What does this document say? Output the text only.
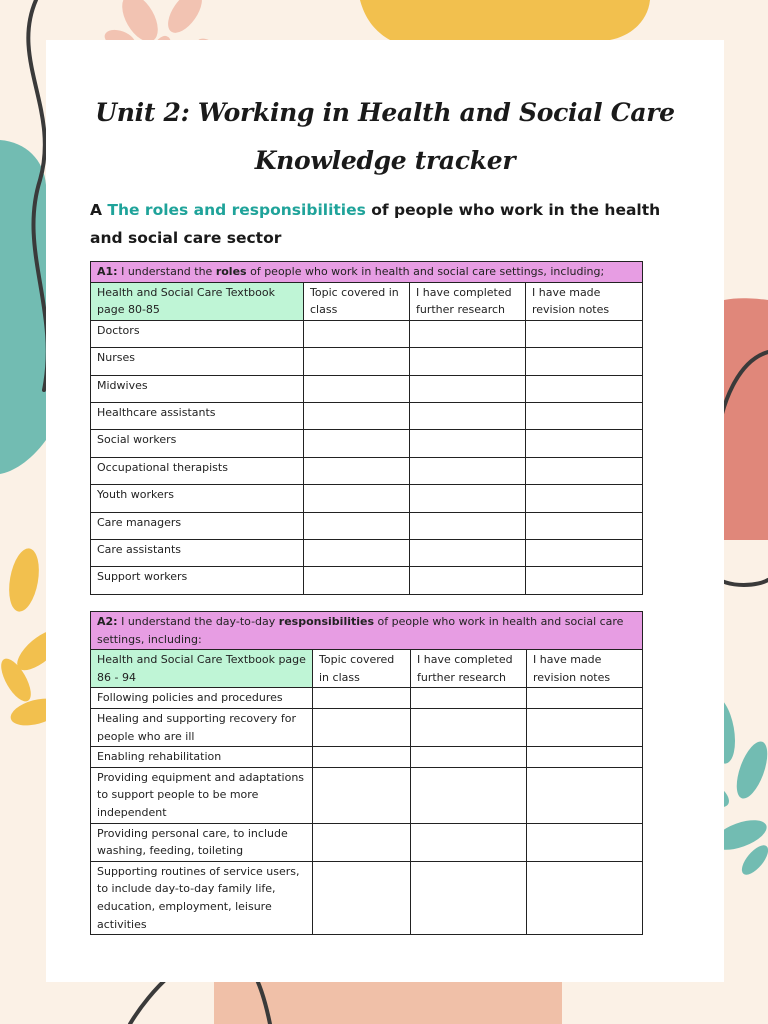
Unit 2: Working in Health and Social Care
Knowledge tracker

A The roles and responsibilities of people who work in the health and social care sector

A1: I understand the roles of people who work in health and social care settings, including;			
Health and Social Care Textbook page 80-85	Topic covered in class	I have completed further research	I have made revision notes
Doctors			
Nurses			
Midwives			
Healthcare assistants			
Social workers			
Occupational therapists			
Youth workers			
Care managers			
Care assistants			
Support workers			
A2: I understand the day-to-day responsibilities of people who work in health and social care settings, including:			
Health and Social Care Textbook page 86 - 94	Topic covered in class	I have completed further research	I have made revision notes
Following policies and procedures			
Healing and supporting recovery for people who are ill			
Enabling rehabilitation			
Providing equipment and adaptations to support people to be more independent			
Providing personal care, to include washing, feeding, toileting			
Supporting routines of service users, to include day-to-day family life, education, employment, leisure activities			
